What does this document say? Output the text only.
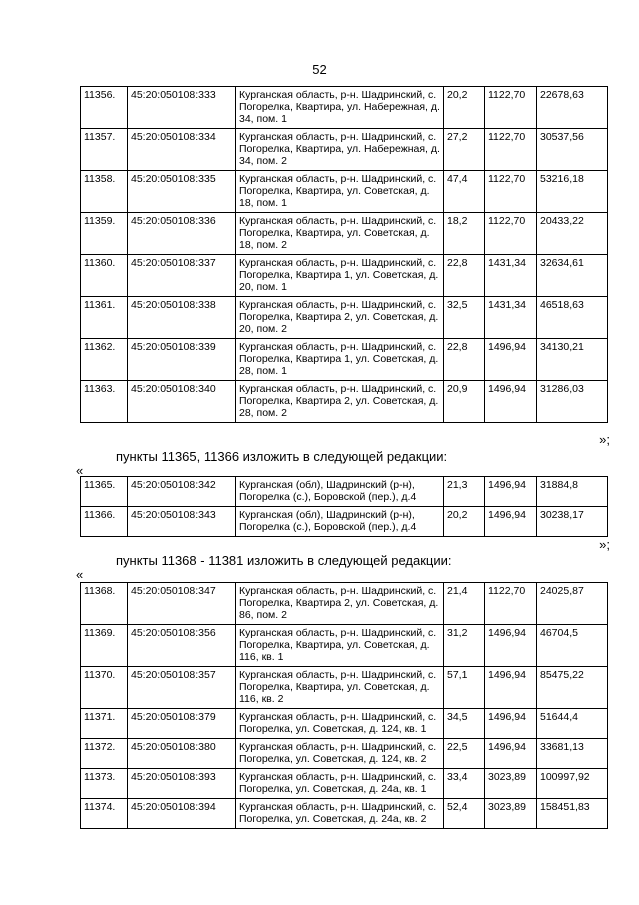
52
11356.	45:20:050108:333	Курганская область, р-н. Шадринский, с. Погорелка, Квартира, ул. Набережная, д. 34, пом. 1	20,2	1122,70	22678,63
11357.	45:20:050108:334	Курганская область, р-н. Шадринский, с. Погорелка, Квартира, ул. Набережная, д. 34, пом. 2	27,2	1122,70	30537,56
11358.	45:20:050108:335	Курганская область, р-н. Шадринский, с. Погорелка, Квартира, ул. Советская, д. 18, пом. 1	47,4	1122,70	53216,18
11359.	45:20:050108:336	Курганская область, р-н. Шадринский, с. Погорелка, Квартира, ул. Советская, д. 18, пом. 2	18,2	1122,70	20433,22
11360.	45:20:050108:337	Курганская область, р-н. Шадринский, с. Погорелка, Квартира 1, ул. Советская, д. 20, пом. 1	22,8	1431,34	32634,61
11361.	45:20:050108:338	Курганская область, р-н. Шадринский, с. Погорелка, Квартира 2, ул. Советская, д. 20, пом. 2	32,5	1431,34	46518,63
11362.	45:20:050108:339	Курганская область, р-н. Шадринский, с. Погорелка, Квартира 1, ул. Советская, д. 28, пом. 1	22,8	1496,94	34130,21
11363.	45:20:050108:340	Курганская область, р-н. Шадринский, с. Погорелка, Квартира 2, ул. Советская, д. 28, пом. 2	20,9	1496,94	31286,03
»;
пункты 11365, 11366 изложить в следующей редакции:
«
11365.	45:20:050108:342	Курганская (обл), Шадринский (р-н), Погорелка (с.), Боровской (пер.), д.4	21,3	1496,94	31884,8
11366.	45:20:050108:343	Курганская (обл), Шадринский (р-н), Погорелка (с.), Боровской (пер.), д.4	20,2	1496,94	30238,17
»;
пункты 11368 - 11381 изложить в следующей редакции:
«
11368.	45:20:050108:347	Курганская область, р-н. Шадринский, с. Погорелка, Квартира 2, ул. Советская, д. 86, пом. 2	21,4	1122,70	24025,87
11369.	45:20:050108:356	Курганская область, р-н. Шадринский, с. Погорелка, Квартира, ул. Советская, д. 116, кв. 1	31,2	1496,94	46704,5
11370.	45:20:050108:357	Курганская область, р-н. Шадринский, с. Погорелка, Квартира, ул. Советская, д. 116, кв. 2	57,1	1496,94	85475,22
11371.	45:20:050108:379	Курганская область, р-н. Шадринский, с. Погорелка, ул. Советская, д. 124, кв. 1	34,5	1496,94	51644,4
11372.	45:20:050108:380	Курганская область, р-н. Шадринский, с. Погорелка, ул. Советская, д. 124, кв. 2	22,5	1496,94	33681,13
11373.	45:20:050108:393	Курганская область, р-н. Шадринский, с. Погорелка, ул. Советская, д. 24а, кв. 1	33,4	3023,89	100997,92
11374.	45:20:050108:394	Курганская область, р-н. Шадринский, с. Погорелка, ул. Советская, д. 24а, кв. 2	52,4	3023,89	158451,83
